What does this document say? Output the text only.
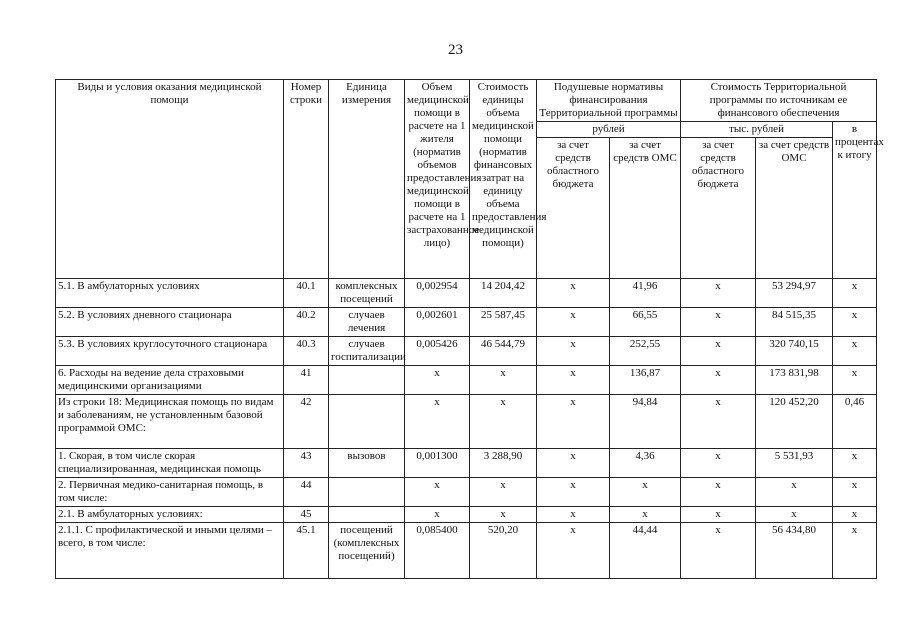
23
Виды и условия оказания медицинской помощи	Номер строки	Единица измерения	Объем медицинской помощи в расчете на 1 жителя (норматив объемов предоставления медицинской помощи в расчете на 1 застрахованное лицо)	Стоимость единицы объема медицинской помощи (норматив финансовых затрат на единицу объема предоставления медицинской помощи)	Подушевые нормативы финансирования Территориальной программы		Стоимость Территориальной программы по источникам ее финансового обеспечения		
					рублей		тыс. рублей		в процентах к итогу
					за счет средств областного бюджета	за счет средств ОМС	за счет средств областного бюджета	за счет средств ОМС	
5.1. В амбулаторных условиях	40.1	комплексных посещений	0,002954	14 204,42	x	41,96	x	53 294,97	x
5.2. В условиях дневного стационара	40.2	случаев лечения	0,002601	25 587,45	x	66,55	x	84 515,35	x
5.3. В условиях круглосуточного стационара	40.3	случаев госпитализации	0,005426	46 544,79	x	252,55	x	320 740,15	x
6. Расходы на ведение дела страховыми медицинскими организациями	41		x	x	x	136,87	x	173 831,98	x
Из строки 18: Медицинская помощь по видам и заболеваниям, не установленным базовой программой ОМС:	42		x	x	x	94,84	x	120 452,20	0,46
1. Скорая, в том числе скорая специализированная, медицинская помощь	43	вызовов	0,001300	3 288,90	x	4,36	x	5 531,93	x
2. Первичная медико-санитарная помощь, в том числе:	44		x	x	x	x	x	x	x
2.1. В амбулаторных условиях:	45		x	x	x	x	x	x	x
2.1.1. С профилактической и иными целями – всего, в том числе:	45.1	посещений (комплексных посещений)	0,085400	520,20	x	44,44	x	56 434,80	x
